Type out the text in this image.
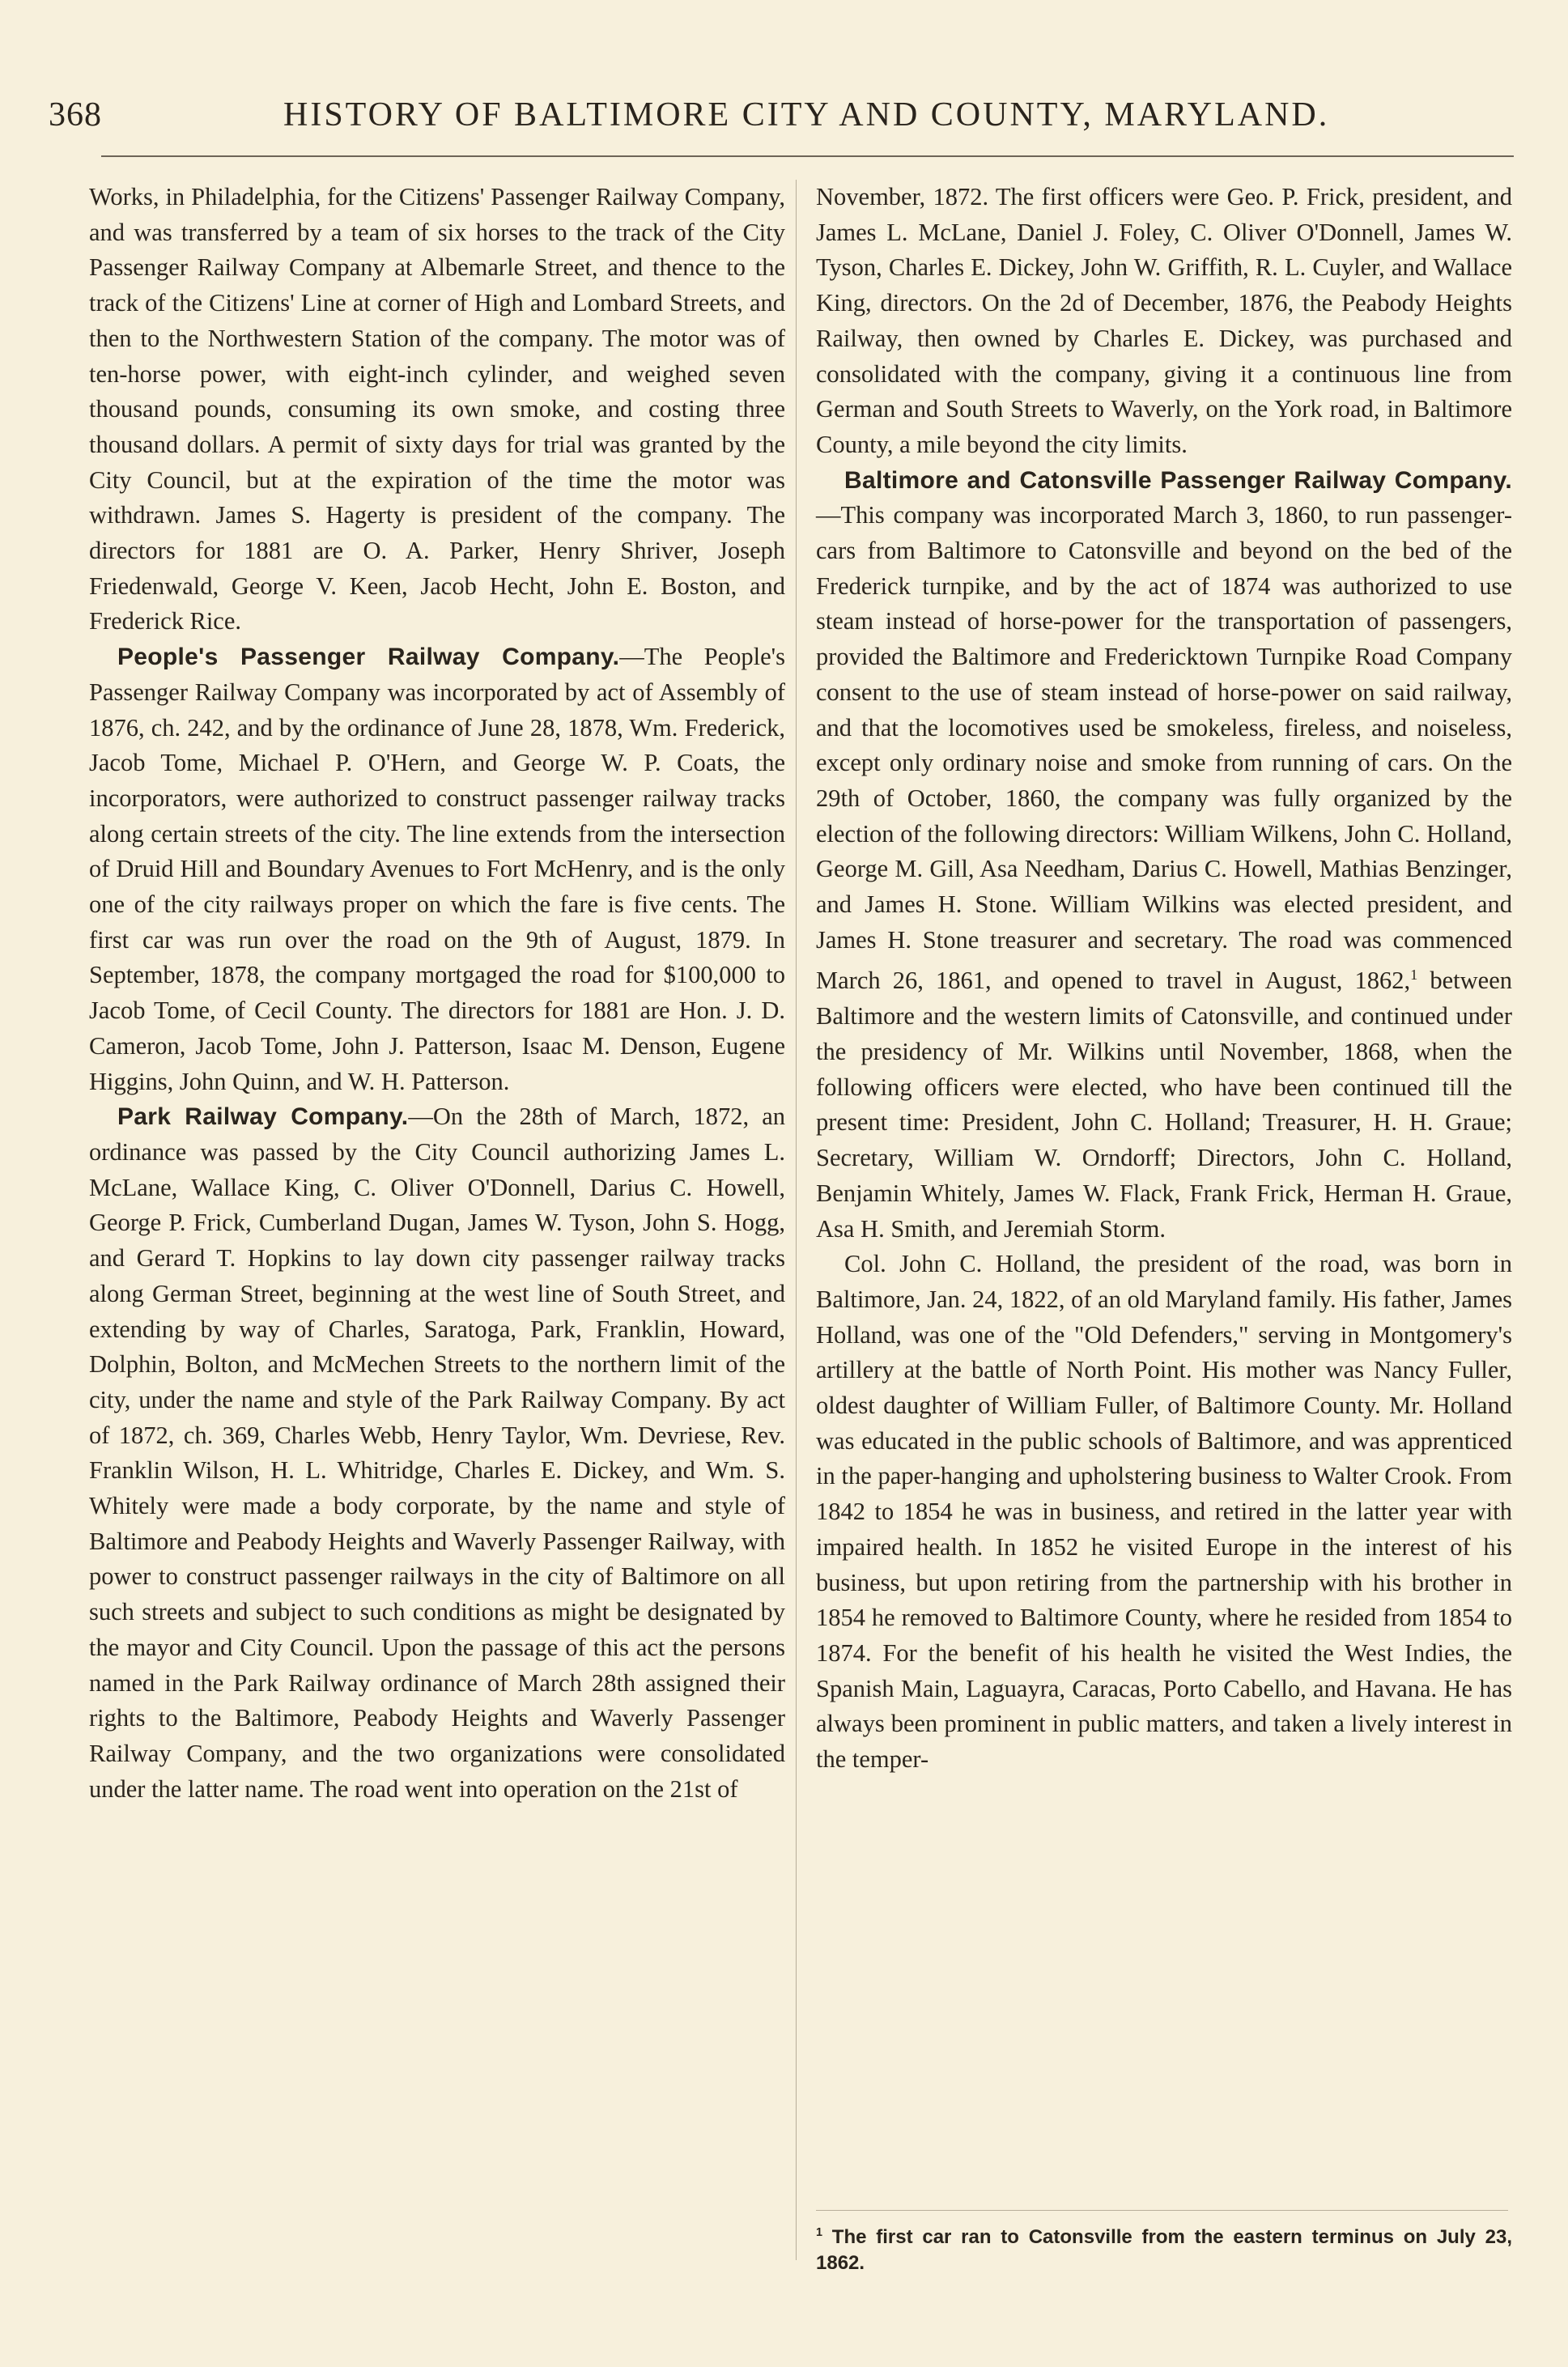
368	HISTORY OF BALTIMORE CITY AND COUNTY, MARYLAND.

Works, in Philadelphia, for the Citizens' Passenger Railway Company, and was transferred by a team of six horses to the track of the City Passenger Railway Company at Albemarle Street, and thence to the track of the Citizens' Line at corner of High and Lombard Streets, and then to the Northwestern Station of the company. The motor was of ten-horse power, with eight-inch cylinder, and weighed seven thousand pounds, consuming its own smoke, and costing three thousand dollars. A permit of sixty days for trial was granted by the City Council, but at the expiration of the time the motor was withdrawn. James S. Hagerty is president of the company. The directors for 1881 are O. A. Parker, Henry Shriver, Joseph Friedenwald, George V. Keen, Jacob Hecht, John E. Boston, and Frederick Rice.

People's Passenger Railway Company.—The People's Passenger Railway Company was incorporated by act of Assembly of 1876, ch. 242, and by the ordinance of June 28, 1878, Wm. Frederick, Jacob Tome, Michael P. O'Hern, and George W. P. Coats, the incorporators, were authorized to construct passenger railway tracks along certain streets of the city. The line extends from the intersection of Druid Hill and Boundary Avenues to Fort McHenry, and is the only one of the city railways proper on which the fare is five cents. The first car was run over the road on the 9th of August, 1879. In September, 1878, the company mortgaged the road for $100,000 to Jacob Tome, of Cecil County. The directors for 1881 are Hon. J. D. Cameron, Jacob Tome, John J. Patterson, Isaac M. Denson, Eugene Higgins, John Quinn, and W. H. Patterson.

Park Railway Company.—On the 28th of March, 1872, an ordinance was passed by the City Council authorizing James L. McLane, Wallace King, C. Oliver O'Donnell, Darius C. Howell, George P. Frick, Cumberland Dugan, James W. Tyson, John S. Hogg, and Gerard T. Hopkins to lay down city passenger railway tracks along German Street, beginning at the west line of South Street, and extending by way of Charles, Saratoga, Park, Franklin, Howard, Dolphin, Bolton, and McMechen Streets to the northern limit of the city, under the name and style of the Park Railway Company. By act of 1872, ch. 369, Charles Webb, Henry Taylor, Wm. Devriese, Rev. Franklin Wilson, H. L. Whitridge, Charles E. Dickey, and Wm. S. Whitely were made a body corporate, by the name and style of Baltimore and Peabody Heights and Waverly Passenger Railway, with power to construct passenger railways in the city of Baltimore on all such streets and subject to such conditions as might be designated by the mayor and City Council. Upon the passage of this act the persons named in the Park Railway ordinance of March 28th assigned their rights to the Baltimore, Peabody Heights and Waverly Passenger Railway Company, and the two organizations were consolidated under the latter name. The road went into operation on the 21st of

November, 1872. The first officers were Geo. P. Frick, president, and James L. McLane, Daniel J. Foley, C. Oliver O'Donnell, James W. Tyson, Charles E. Dickey, John W. Griffith, R. L. Cuyler, and Wallace King, directors. On the 2d of December, 1876, the Peabody Heights Railway, then owned by Charles E. Dickey, was purchased and consolidated with the company, giving it a continuous line from German and South Streets to Waverly, on the York road, in Baltimore County, a mile beyond the city limits.

Baltimore and Catonsville Passenger Railway Company.—This company was incorporated March 3, 1860, to run passenger-cars from Baltimore to Catonsville and beyond on the bed of the Frederick turnpike, and by the act of 1874 was authorized to use steam instead of horse-power for the transportation of passengers, provided the Baltimore and Fredericktown Turnpike Road Company consent to the use of steam instead of horse-power on said railway, and that the locomotives used be smokeless, fireless, and noiseless, except only ordinary noise and smoke from running of cars. On the 29th of October, 1860, the company was fully organized by the election of the following directors: William Wilkens, John C. Holland, George M. Gill, Asa Needham, Darius C. Howell, Mathias Benzinger, and James H. Stone. William Wilkins was elected president, and James H. Stone treasurer and secretary. The road was commenced March 26, 1861, and opened to travel in August, 1862,$^1$ between Baltimore and the western limits of Catonsville, and continued under the presidency of Mr. Wilkins until November, 1868, when the following officers were elected, who have been continued till the present time: President, John C. Holland; Treasurer, H. H. Graue; Secretary, William W. Orndorff; Directors, John C. Holland, Benjamin Whitely, James W. Flack, Frank Frick, Herman H. Graue, Asa H. Smith, and Jeremiah Storm.

Col. John C. Holland, the president of the road, was born in Baltimore, Jan. 24, 1822, of an old Maryland family. His father, James Holland, was one of the "Old Defenders," serving in Montgomery's artillery at the battle of North Point. His mother was Nancy Fuller, oldest daughter of William Fuller, of Baltimore County. Mr. Holland was educated in the public schools of Baltimore, and was apprenticed in the paper-hanging and upholstering business to Walter Crook. From 1842 to 1854 he was in business, and retired in the latter year with impaired health. In 1852 he visited Europe in the interest of his business, but upon retiring from the partnership with his brother in 1854 he removed to Baltimore County, where he resided from 1854 to 1874. For the benefit of his health he visited the West Indies, the Spanish Main, Laguayra, Caracas, Porto Cabello, and Havana. He has always been prominent in public matters, and taken a lively interest in the temper-

$^1$ The first car ran to Catonsville from the eastern terminus on July 23, 1862.
